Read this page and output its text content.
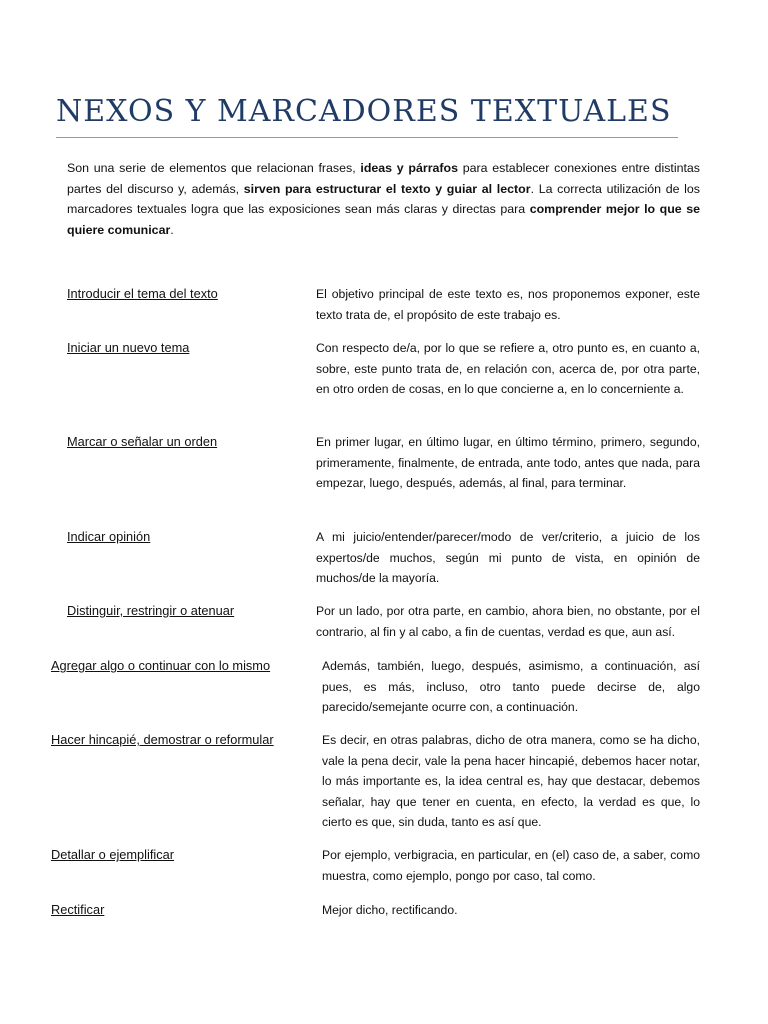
NEXOS Y MARCADORES TEXTUALES

Son una serie de elementos que relacionan frases, ideas y párrafos para establecer conexiones entre distintas partes del discurso y, además, sirven para estructurar el texto y guiar al lector. La correcta utilización de los marcadores textuales logra que las exposiciones sean más claras y directas para comprender mejor lo que se quiere comunicar.

Introducir el tema del texto	El objetivo principal de este texto es, nos proponemos exponer, este texto trata de, el propósito de este trabajo es.

Iniciar un nuevo tema	Con respecto de/a, por lo que se refiere a, otro punto es, en cuanto a, sobre, este punto trata de, en relación con, acerca de, por otra parte, en otro orden de cosas, en lo que concierne a, en lo concerniente a.

Marcar o señalar un orden	En primer lugar, en último lugar, en último término, primero, segundo, primeramente, finalmente, de entrada, ante todo, antes que nada, para empezar, luego, después, además, al final, para terminar.

Indicar opinión	A mi juicio/entender/parecer/modo de ver/criterio, a juicio de los expertos/de muchos, según mi punto de vista, en opinión de muchos/de la mayoría.

Distinguir, restringir o atenuar	Por un lado, por otra parte, en cambio, ahora bien, no obstante, por el contrario, al fin y al cabo, a fin de cuentas, verdad es que, aun así.

Agregar algo o continuar con lo mismo	Además, también, luego, después, asimismo, a continuación, así pues, es más, incluso, otro tanto puede decirse de, algo parecido/semejante ocurre con, a continuación.

Hacer hincapié, demostrar o reformular	Es decir, en otras palabras, dicho de otra manera, como se ha dicho, vale la pena decir, vale la pena hacer hincapié, debemos hacer notar, lo más importante es, la idea central es, hay que destacar, debemos señalar, hay que tener en cuenta, en efecto, la verdad es que, lo cierto es que, sin duda, tanto es así que.

Detallar o ejemplificar	Por ejemplo, verbigracia, en particular, en (el) caso de, a saber, como muestra, como ejemplo, pongo por caso, tal como.

Rectificar	Mejor dicho, rectificando.
